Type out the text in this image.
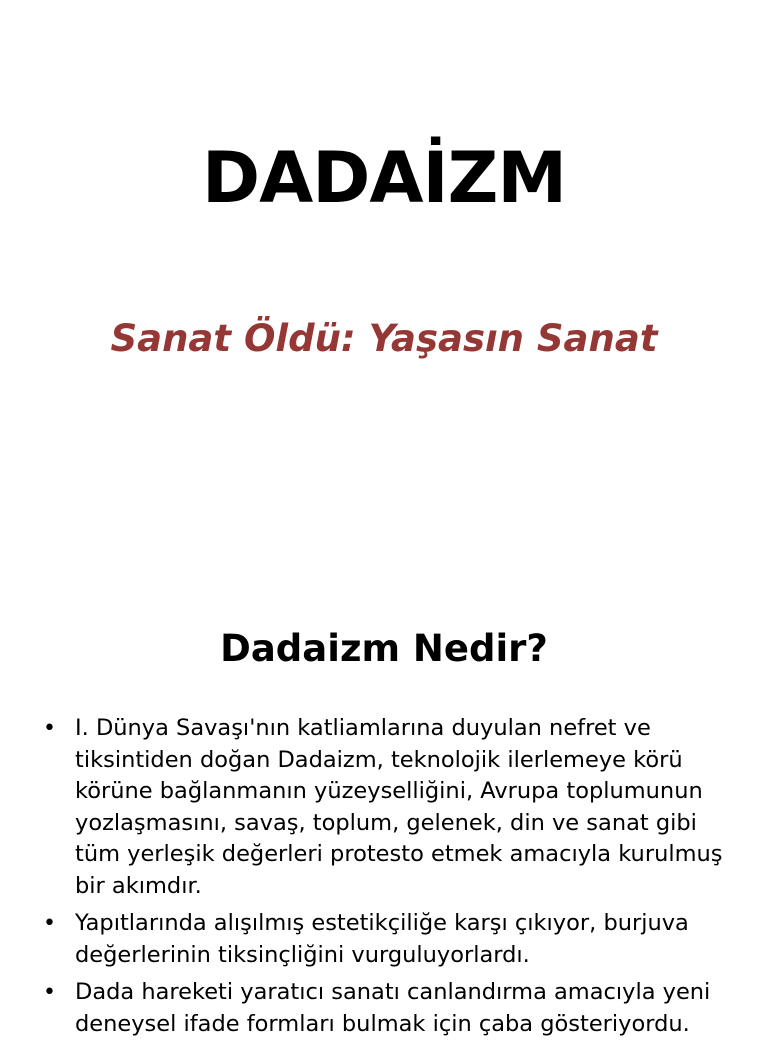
DADAİZM
Sanat Öldü: Yaşasın Sanat
Dadaizm Nedir?
• I. Dünya Savaşı'nın katliamlarına duyulan nefret ve tiksintiden doğan Dadaizm, teknolojik ilerlemeye körü körüne bağlanmanın yüzeyselliğini, Avrupa toplumunun yozlaşmasını, savaş, toplum, gelenek, din ve sanat gibi tüm yerleşik değerleri protesto etmek amacıyla kurulmuş bir akımdır.
• Yapıtlarında alışılmış estetikçiliğe karşı çıkıyor, burjuva değerlerinin tiksinçliğini vurguluyorlardı.
• Dada hareketi yaratıcı sanatı canlandırma amacıyla yeni deneysel ifade formları bulmak için çaba gösteriyordu.
